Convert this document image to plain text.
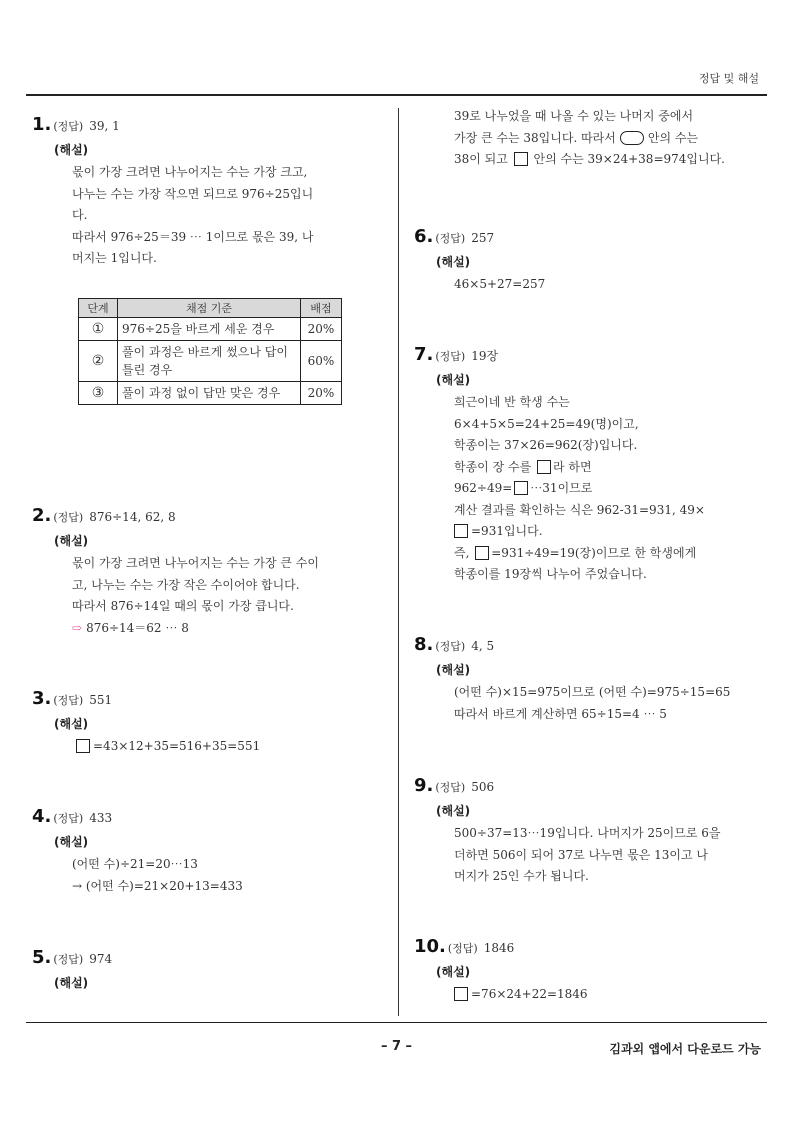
정답 및 해설
1. (정답) 39, 1
(해설)
몫이 가장 크려면 나누어지는 수는 가장 크고,
나누는 수는 가장 작으면 되므로 976÷25입니
다.
따라서 976÷25＝39 ⋯ 1이므로 몫은 39, 나
머지는 1입니다.
단계	채점 기준	배점
①	976÷25을 바르게 세운 경우	20%
②	풀이 과정은 바르게 썼으나 답이 틀린 경우	60%
③	풀이 과정 없이 답만 맞은 경우	20%
2. (정답) 876÷14, 62, 8
(해설)
몫이 가장 크려면 나누어지는 수는 가장 큰 수이
고, 나누는 수는 가장 작은 수이어야 합니다.
따라서 876÷14일 때의 몫이 가장 큽니다.
⇨ 876÷14＝62 ⋯ 8
3. (정답) 551
(해설)
=43×12+35=516+35=551
4. (정답) 433
(해설)
(어떤 수)÷21=20⋯13
→ (어떤 수)=21×20+13=433
5. (정답) 974
(해설)
39로 나누었을 때 나올 수 있는 나머지 중에서
가장 큰 수는 38입니다. 따라서	안의 수는
38이 되고 안의 수는 39×24+38=974입니다.
6. (정답) 257
(해설)
46×5+27=257
7. (정답) 19장
(해설)
희근이네 반 학생 수는
6×4+5×5=24+25=49(명)이고,
학종이는 37×26=962(장)입니다.
학종이 장 수를 라 하면
962÷49= ⋯31이므로
계산 결과를 확인하는 식은 962-31=931, 49×
=931입니다.
즉, =931÷49=19(장)이므로 한 학생에게
학종이를 19장씩 나누어 주었습니다.
8. (정답) 4, 5
(해설)
(어떤 수)×15=975이므로 (어떤 수)=975÷15=65
따라서 바르게 계산하면 65÷15=4 ⋯ 5
9. (정답) 506
(해설)
500÷37=13⋯19입니다. 나머지가 25이므로 6을
더하면 506이 되어 37로 나누면 몫은 13이고 나
머지가 25인 수가 됩니다.
10. (정답) 1846
(해설)
=76×24+22=1846
– 7 –	김과외 앱에서 다운로드 가능
